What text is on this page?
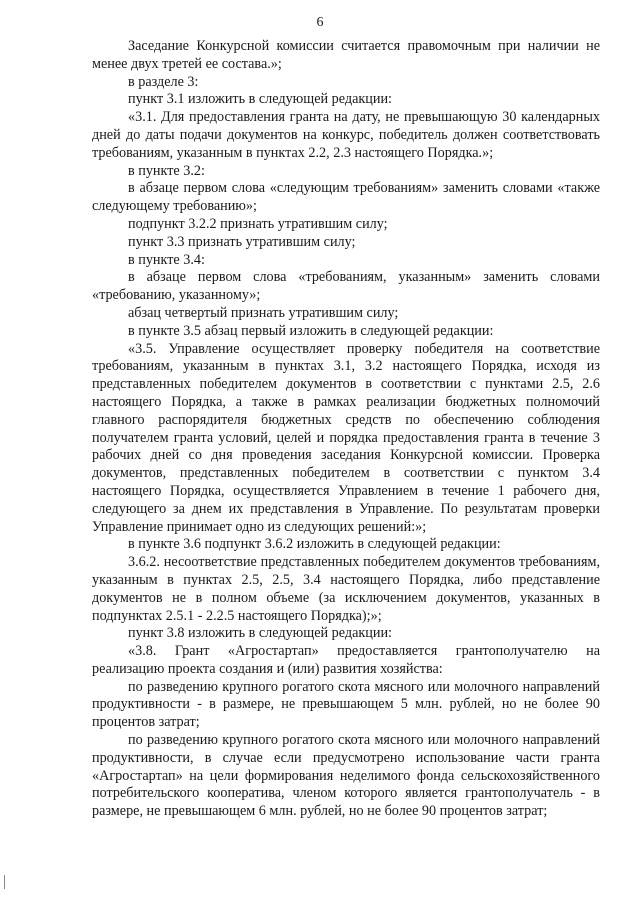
6

Заседание Конкурсной комиссии считается правомочным при наличии не менее двух третей ее состава.»;

в разделе 3:

пункт 3.1 изложить в следующей редакции:

«3.1. Для предоставления гранта на дату, не превышающую 30 календарных дней до даты подачи документов на конкурс, победитель должен соответствовать требованиям, указанным в пунктах 2.2, 2.3 настоящего Порядка.»;

в пункте 3.2:

в абзаце первом слова «следующим требованиям» заменить словами «также следующему требованию»;

подпункт 3.2.2 признать утратившим силу;

пункт 3.3 признать утратившим силу;

в пункте 3.4:

в абзаце первом слова «требованиям, указанным» заменить словами «требованию, указанному»;

абзац четвертый признать утратившим силу;

в пункте 3.5 абзац первый изложить в следующей редакции:

«3.5. Управление осуществляет проверку победителя на соответствие требованиям, указанным в пунктах 3.1, 3.2 настоящего Порядка, исходя из представленных победителем документов в соответствии с пунктами 2.5, 2.6 настоящего Порядка, а также в рамках реализации бюджетных полномочий главного распорядителя бюджетных средств по обеспечению соблюдения получателем гранта условий, целей и порядка предоставления гранта в течение 3 рабочих дней со дня проведения заседания Конкурсной комиссии. Проверка документов, представленных победителем в соответствии с пунктом 3.4 настоящего Порядка, осуществляется Управлением в течение 1 рабочего дня, следующего за днем их представления в Управление. По результатам проверки Управление принимает одно из следующих решений:»;

в пункте 3.6 подпункт 3.6.2 изложить в следующей редакции:

3.6.2. несоответствие представленных победителем документов требованиям, указанным в пунктах 2.5, 2.5, 3.4 настоящего Порядка, либо представление документов не в полном объеме (за исключением документов, указанных в подпунктах 2.5.1 - 2.2.5 настоящего Порядка);»;

пункт 3.8 изложить в следующей редакции:

«3.8. Грант «Агростартап» предоставляется грантополучателю на реализацию проекта создания и (или) развития хозяйства:

по разведению крупного рогатого скота мясного или молочного направлений продуктивности - в размере, не превышающем 5 млн. рублей, но не более 90 процентов затрат;

по разведению крупного рогатого скота мясного или молочного направлений продуктивности, в случае если предусмотрено использование части гранта «Агростартап» на цели формирования неделимого фонда сельскохозяйственного потребительского кооператива, членом которого является грантополучатель - в размере, не превышающем 6 млн. рублей, но не более 90 процентов затрат;
